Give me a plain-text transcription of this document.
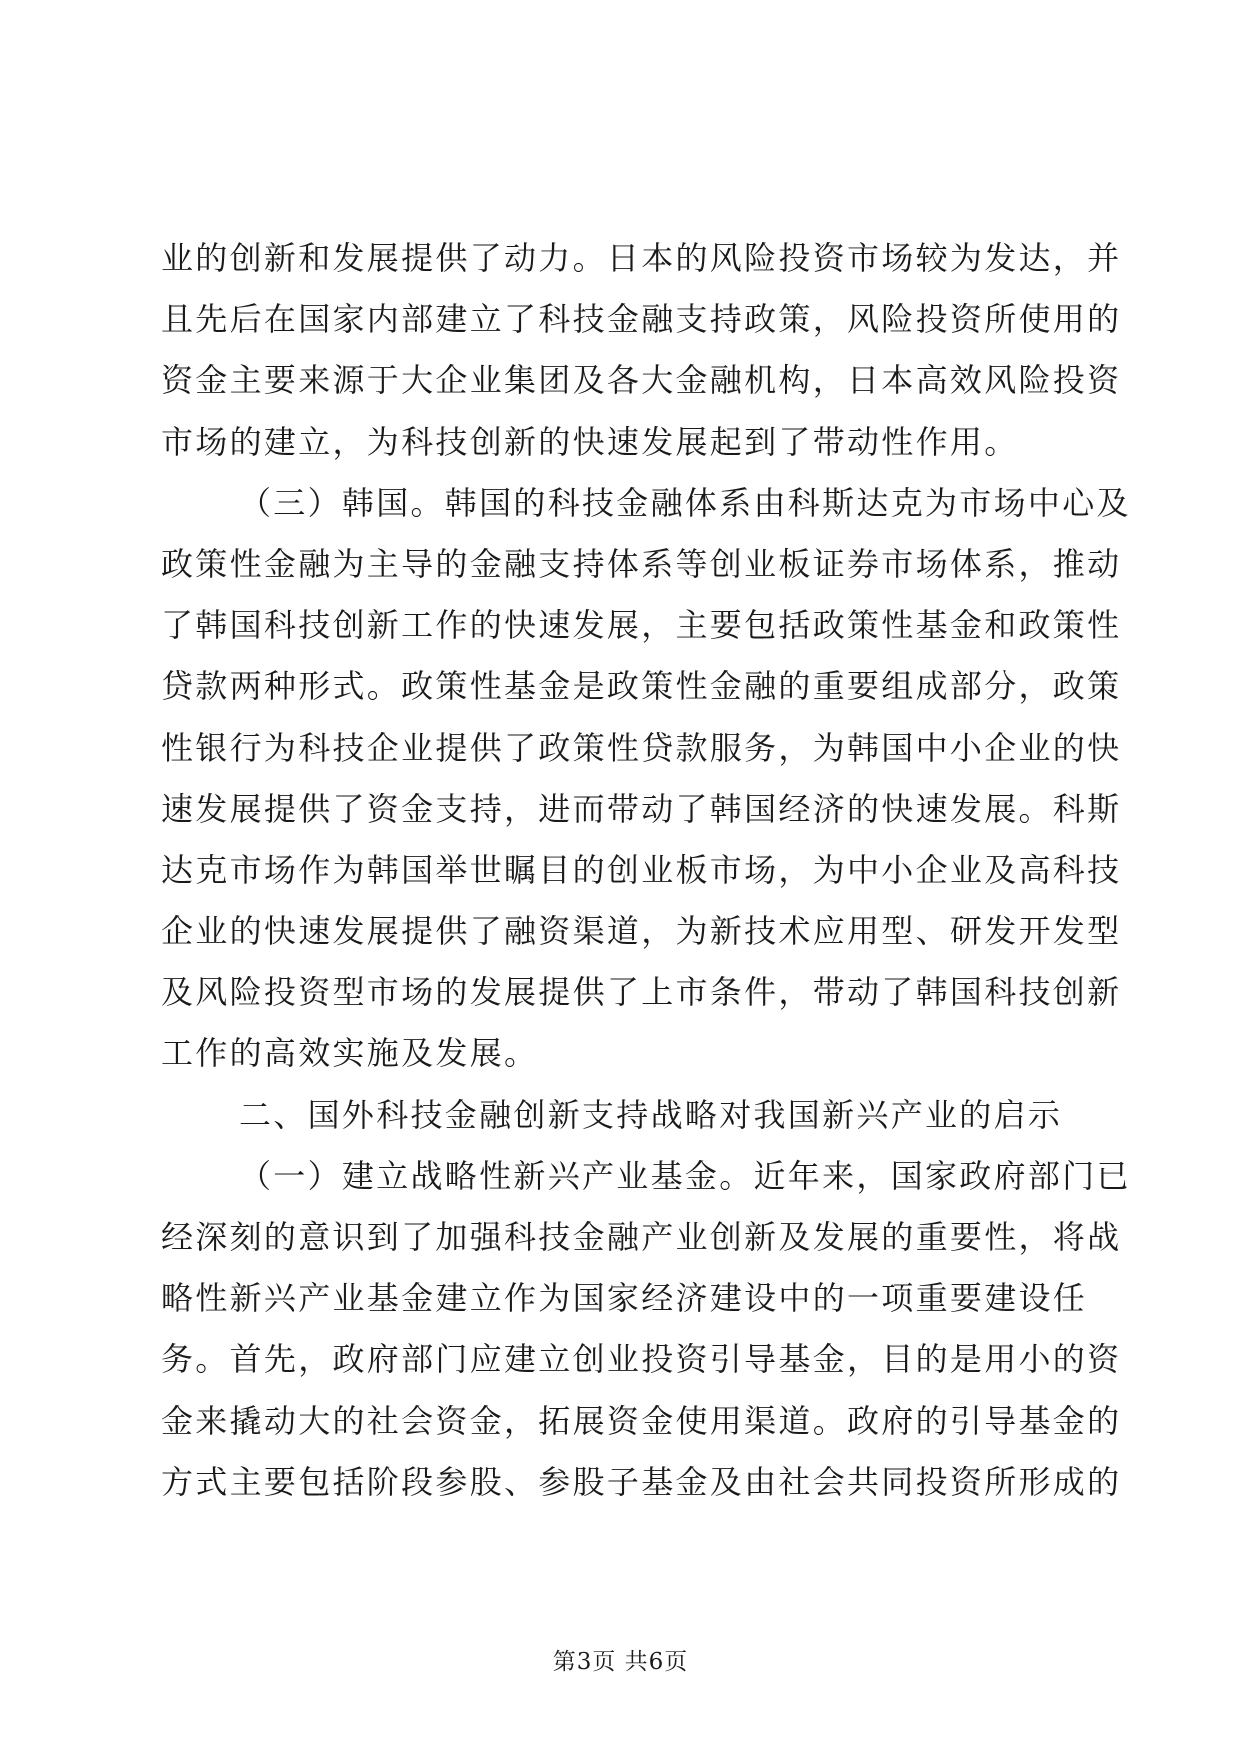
业的创新和发展提供了动力。日本的风险投资市场较为发达，并
且先后在国家内部建立了科技金融支持政策，风险投资所使用的
资金主要来源于大企业集团及各大金融机构，日本高效风险投资
市场的建立，为科技创新的快速发展起到了带动性作用。
（三）韩国。韩国的科技金融体系由科斯达克为市场中心及
政策性金融为主导的金融支持体系等创业板证券市场体系，推动
了韩国科技创新工作的快速发展，主要包括政策性基金和政策性
贷款两种形式。政策性基金是政策性金融的重要组成部分，政策
性银行为科技企业提供了政策性贷款服务，为韩国中小企业的快
速发展提供了资金支持，进而带动了韩国经济的快速发展。科斯
达克市场作为韩国举世瞩目的创业板市场，为中小企业及高科技
企业的快速发展提供了融资渠道，为新技术应用型、研发开发型
及风险投资型市场的发展提供了上市条件，带动了韩国科技创新
工作的高效实施及发展。
二、国外科技金融创新支持战略对我国新兴产业的启示
（一）建立战略性新兴产业基金。近年来，国家政府部门已
经深刻的意识到了加强科技金融产业创新及发展的重要性，将战
略性新兴产业基金建立作为国家经济建设中的一项重要建设任
务。首先，政府部门应建立创业投资引导基金，目的是用小的资
金来撬动大的社会资金，拓展资金使用渠道。政府的引导基金的
方式主要包括阶段参股、参股子基金及由社会共同投资所形成的
第3页 共6页
